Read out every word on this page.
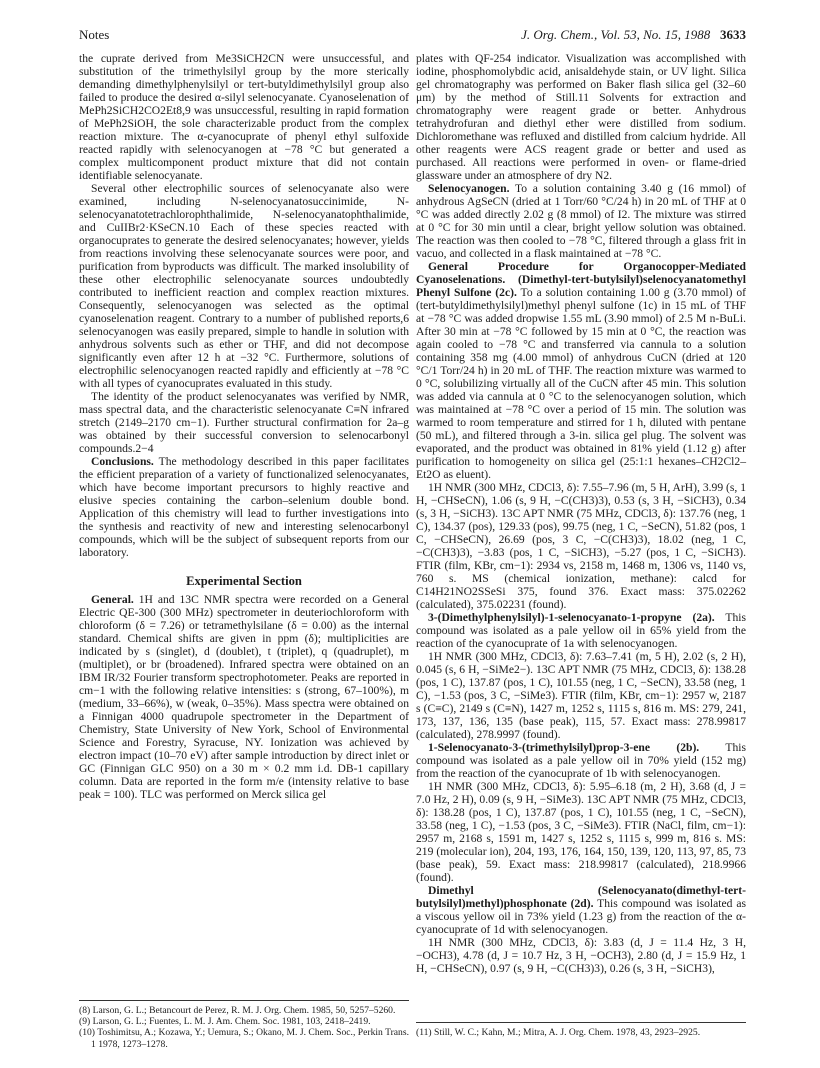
Notes	J. Org. Chem., Vol. 53, No. 15, 1988 3633

the cuprate derived from Me3SiCH2CN were unsuccessful, and substitution of the trimethylsilyl group by the more sterically demanding dimethylphenylsilyl or tert-butyldimethylsilyl group also failed to produce the desired α-silyl selenocyanate. Cyanoselenation of MePh2SiCH2CO2Et8,9 was unsuccessful, resulting in rapid formation of MePh2SiOH, the sole characterizable product from the complex reaction mixture. The α-cyanocuprate of phenyl ethyl sulfoxide reacted rapidly with selenocyanogen at −78 °C but generated a complex multicomponent product mixture that did not contain identifiable selenocyanate.

Several other electrophilic sources of selenocyanate also were examined, including N-selenocyanatosuccinimide, N-selenocyanatotetrachlorophthalimide, N-selenocyanatophthalimide, and CuIIBr2·KSeCN.10 Each of these species reacted with organocuprates to generate the desired selenocyanates; however, yields from reactions involving these selenocyanate sources were poor, and purification from byproducts was difficult. The marked insolubility of these other electrophilic selenocyanate sources undoubtedly contributed to inefficient reaction and complex reaction mixtures. Consequently, selenocyanogen was selected as the optimal cyanoselenation reagent. Contrary to a number of published reports,6 selenocyanogen was easily prepared, simple to handle in solution with anhydrous solvents such as ether or THF, and did not decompose significantly even after 12 h at −32 °C. Furthermore, solutions of electrophilic selenocyanogen reacted rapidly and efficiently at −78 °C with all types of cyanocuprates evaluated in this study.

The identity of the product selenocyanates was verified by NMR, mass spectral data, and the characteristic selenocyanate C≡N infrared stretch (2149–2170 cm−1). Further structural confirmation for 2a–g was obtained by their successful conversion to selenocarbonyl compounds.2−4

Conclusions. The methodology described in this paper facilitates the efficient preparation of a variety of functionalized selenocyanates, which have become important precursors to highly reactive and elusive species containing the carbon–selenium double bond. Application of this chemistry will lead to further investigations into the synthesis and reactivity of new and interesting selenocarbonyl compounds, which will be the subject of subsequent reports from our laboratory.

Experimental Section

General. 1H and 13C NMR spectra were recorded on a General Electric QE-300 (300 MHz) spectrometer in deuteriochloroform with chloroform (δ = 7.26) or tetramethylsilane (δ = 0.00) as the internal standard. Chemical shifts are given in ppm (δ); multiplicities are indicated by s (singlet), d (doublet), t (triplet), q (quadruplet), m (multiplet), or br (broadened). Infrared spectra were obtained on an IBM IR/32 Fourier transform spectrophotometer. Peaks are reported in cm−1 with the following relative intensities: s (strong, 67–100%), m (medium, 33–66%), w (weak, 0–35%). Mass spectra were obtained on a Finnigan 4000 quadrupole spectrometer in the Department of Chemistry, State University of New York, School of Environmental Science and Forestry, Syracuse, NY. Ionization was achieved by electron impact (10–70 eV) after sample introduction by direct inlet or GC (Finnigan GLC 950) on a 30 m × 0.2 mm i.d. DB-1 capillary column. Data are reported in the form m/e (intensity relative to base peak = 100). TLC was performed on Merck silica gel

(8) Larson, G. L.; Betancourt de Perez, R. M. J. Org. Chem. 1985, 50, 5257–5260.

(9) Larson, G. L.; Fuentes, L. M. J. Am. Chem. Soc. 1981, 103, 2418–2419.

(10) Toshimitsu, A.; Kozawa, Y.; Uemura, S.; Okano, M. J. Chem. Soc., Perkin Trans. 1 1978, 1273–1278.

plates with QF-254 indicator. Visualization was accomplished with iodine, phosphomolybdic acid, anisaldehyde stain, or UV light. Silica gel chromatography was performed on Baker flash silica gel (32–60 μm) by the method of Still.11 Solvents for extraction and chromatography were reagent grade or better. Anhydrous tetrahydrofuran and diethyl ether were distilled from sodium. Dichloromethane was refluxed and distilled from calcium hydride. All other reagents were ACS reagent grade or better and used as purchased. All reactions were performed in oven- or flame-dried glassware under an atmosphere of dry N2.

Selenocyanogen. To a solution containing 3.40 g (16 mmol) of anhydrous AgSeCN (dried at 1 Torr/60 °C/24 h) in 20 mL of THF at 0 °C was added directly 2.02 g (8 mmol) of I2. The mixture was stirred at 0 °C for 30 min until a clear, bright yellow solution was obtained. The reaction was then cooled to −78 °C, filtered through a glass frit in vacuo, and collected in a flask maintained at −78 °C.

General Procedure for Organocopper-Mediated Cyanoselenations. (Dimethyl-tert-butylsilyl)selenocyanatomethyl Phenyl Sulfone (2c). To a solution containing 1.00 g (3.70 mmol) of (tert-butyldimethylsilyl)methyl phenyl sulfone (1c) in 15 mL of THF at −78 °C was added dropwise 1.55 mL (3.90 mmol) of 2.5 M n-BuLi. After 30 min at −78 °C followed by 15 min at 0 °C, the reaction was again cooled to −78 °C and transferred via cannula to a solution containing 358 mg (4.00 mmol) of anhydrous CuCN (dried at 120 °C/1 Torr/24 h) in 20 mL of THF. The reaction mixture was warmed to 0 °C, solubilizing virtually all of the CuCN after 45 min. This solution was added via cannula at 0 °C to the selenocyanogen solution, which was maintained at −78 °C over a period of 15 min. The solution was warmed to room temperature and stirred for 1 h, diluted with pentane (50 mL), and filtered through a 3-in. silica gel plug. The solvent was evaporated, and the product was obtained in 81% yield (1.12 g) after purification to homogeneity on silica gel (25:1:1 hexanes–CH2Cl2–Et2O as eluent).

1H NMR (300 MHz, CDCl3, δ): 7.55–7.96 (m, 5 H, ArH), 3.99 (s, 1 H, −CHSeCN), 1.06 (s, 9 H, −C(CH3)3), 0.53 (s, 3 H, −SiCH3), 0.34 (s, 3 H, −SiCH3). 13C APT NMR (75 MHz, CDCl3, δ): 137.76 (neg, 1 C), 134.37 (pos), 129.33 (pos), 99.75 (neg, 1 C, −SeCN), 51.82 (pos, 1 C, −CHSeCN), 26.69 (pos, 3 C, −C(CH3)3), 18.02 (neg, 1 C, −C(CH3)3), −3.83 (pos, 1 C, −SiCH3), −5.27 (pos, 1 C, −SiCH3). FTIR (film, KBr, cm−1): 2934 vs, 2158 m, 1468 m, 1306 vs, 1140 vs, 760 s. MS (chemical ionization, methane): calcd for C14H21NO2SSeSi 375, found 376. Exact mass: 375.02262 (calculated), 375.02231 (found).

3-(Dimethylphenylsilyl)-1-selenocyanato-1-propyne (2a). This compound was isolated as a pale yellow oil in 65% yield from the reaction of the cyanocuprate of 1a with selenocyanogen.

1H NMR (300 MHz, CDCl3, δ): 7.63–7.41 (m, 5 H), 2.02 (s, 2 H), 0.045 (s, 6 H, −SiMe2−). 13C APT NMR (75 MHz, CDCl3, δ): 138.28 (pos, 1 C), 137.87 (pos, 1 C), 101.55 (neg, 1 C, −SeCN), 33.58 (neg, 1 C), −1.53 (pos, 3 C, −SiMe3). FTIR (film, KBr, cm−1): 2957 w, 2187 s (C≡C), 2149 s (C≡N), 1427 m, 1252 s, 1115 s, 816 m. MS: 279, 241, 173, 137, 136, 135 (base peak), 115, 57. Exact mass: 278.99817 (calculated), 278.9997 (found).

1-Selenocyanato-3-(trimethylsilyl)prop-3-ene (2b). This compound was isolated as a pale yellow oil in 70% yield (152 mg) from the reaction of the cyanocuprate of 1b with selenocyanogen.

1H NMR (300 MHz, CDCl3, δ): 5.95–6.18 (m, 2 H), 3.68 (d, J = 7.0 Hz, 2 H), 0.09 (s, 9 H, −SiMe3). 13C APT NMR (75 MHz, CDCl3, δ): 138.28 (pos, 1 C), 137.87 (pos, 1 C), 101.55 (neg, 1 C, −SeCN), 33.58 (neg, 1 C), −1.53 (pos, 3 C, −SiMe3). FTIR (NaCl, film, cm−1): 2957 m, 2168 s, 1591 m, 1427 s, 1252 s, 1115 s, 999 m, 816 s. MS: 219 (molecular ion), 204, 193, 176, 164, 150, 139, 120, 113, 97, 85, 73 (base peak), 59. Exact mass: 218.99817 (calculated), 218.9966 (found).

Dimethyl (Selenocyanato(dimethyl-tert-butylsilyl)methyl)phosphonate (2d). This compound was isolated as a viscous yellow oil in 73% yield (1.23 g) from the reaction of the α-cyanocuprate of 1d with selenocyanogen.

1H NMR (300 MHz, CDCl3, δ): 3.83 (d, J = 11.4 Hz, 3 H, −OCH3), 4.78 (d, J = 10.7 Hz, 3 H, −OCH3), 2.80 (d, J = 15.9 Hz, 1 H, −CHSeCN), 0.97 (s, 9 H, −C(CH3)3), 0.26 (s, 3 H, −SiCH3),

(11) Still, W. C.; Kahn, M.; Mitra, A. J. Org. Chem. 1978, 43, 2923–2925.
